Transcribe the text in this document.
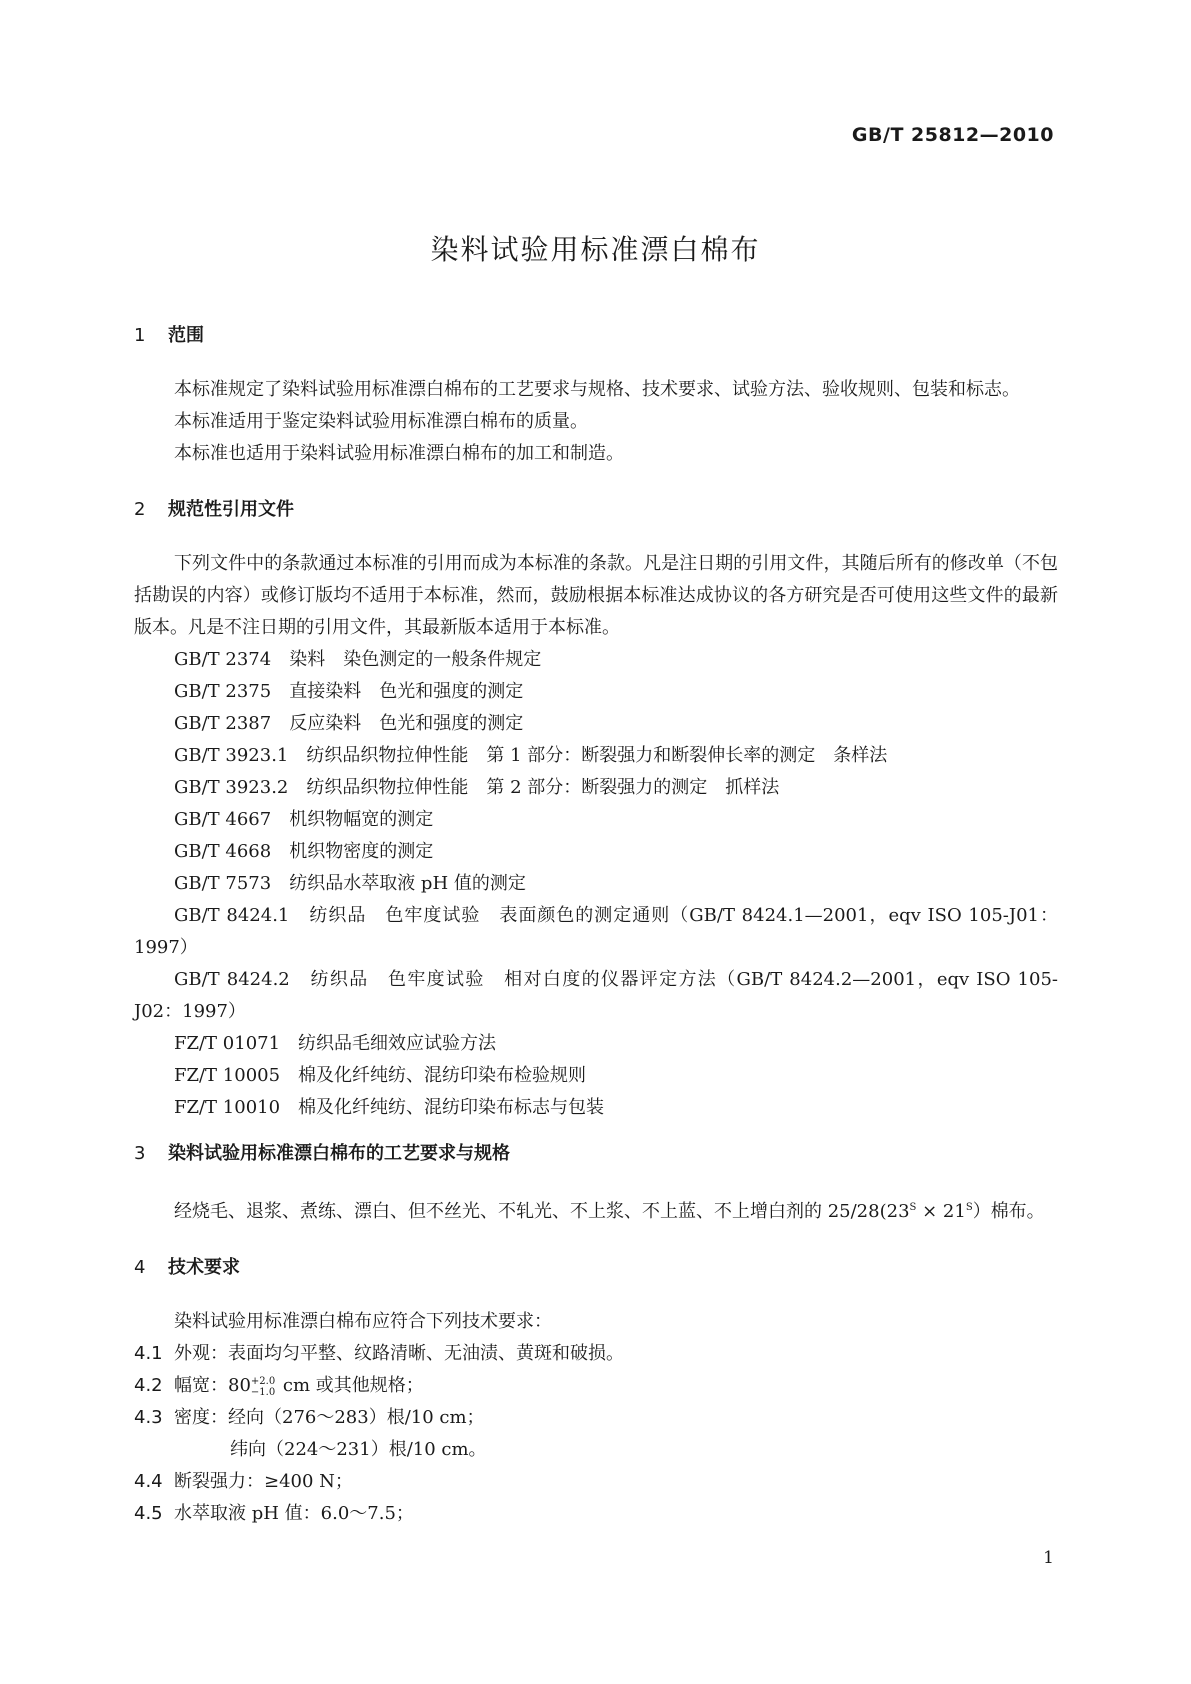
GB/T 25812—2010
染料试验用标准漂白棉布

1 范围

本标准规定了染料试验用标准漂白棉布的工艺要求与规格、技术要求、试验方法、验收规则、包装和标志。

本标准适用于鉴定染料试验用标准漂白棉布的质量。

本标准也适用于染料试验用标准漂白棉布的加工和制造。

2 规范性引用文件

下列文件中的条款通过本标准的引用而成为本标准的条款。凡是注日期的引用文件，其随后所有的修改单（不包括勘误的内容）或修订版均不适用于本标准，然而，鼓励根据本标准达成协议的各方研究是否可使用这些文件的最新版本。凡是不注日期的引用文件，其最新版本适用于本标准。

GB/T 2374　染料　染色测定的一般条件规定

GB/T 2375　直接染料　色光和强度的测定

GB/T 2387　反应染料　色光和强度的测定

GB/T 3923.1　纺织品织物拉伸性能　第 1 部分：断裂强力和断裂伸长率的测定　条样法

GB/T 3923.2　纺织品织物拉伸性能　第 2 部分：断裂强力的测定　抓样法

GB/T 4667　机织物幅宽的测定

GB/T 4668　机织物密度的测定

GB/T 7573　纺织品水萃取液 pH 值的测定

GB/T 8424.1　纺织品　色牢度试验　表面颜色的测定通则（GB/T 8424.1—2001，eqv ISO 105-J01：1997）

GB/T 8424.2　纺织品　色牢度试验　相对白度的仪器评定方法（GB/T 8424.2—2001，eqv ISO 105-J02：1997）

FZ/T 01071　纺织品毛细效应试验方法

FZ/T 10005　棉及化纤纯纺、混纺印染布检验规则

FZ/T 10010　棉及化纤纯纺、混纺印染布标志与包装

3 染料试验用标准漂白棉布的工艺要求与规格

经烧毛、退浆、煮练、漂白、但不丝光、不轧光、不上浆、不上蓝、不上增白剂的 $25/28(23^S \times 21^S)$棉布。

4 技术要求

染料试验用标准漂白棉布应符合下列技术要求：

4.1 外观：表面均匀平整、纹路清晰、无油渍、黄斑和破损。

4.2 幅宽：80 +2.0
−1.0 cm 或其他规格；

4.3 密度：经向（276～283）根/10 cm；

纬向（224～231）根/10 cm。

4.4 断裂强力：≥400 N；

4.5 水萃取液 pH 值：6.0～7.5；

1
